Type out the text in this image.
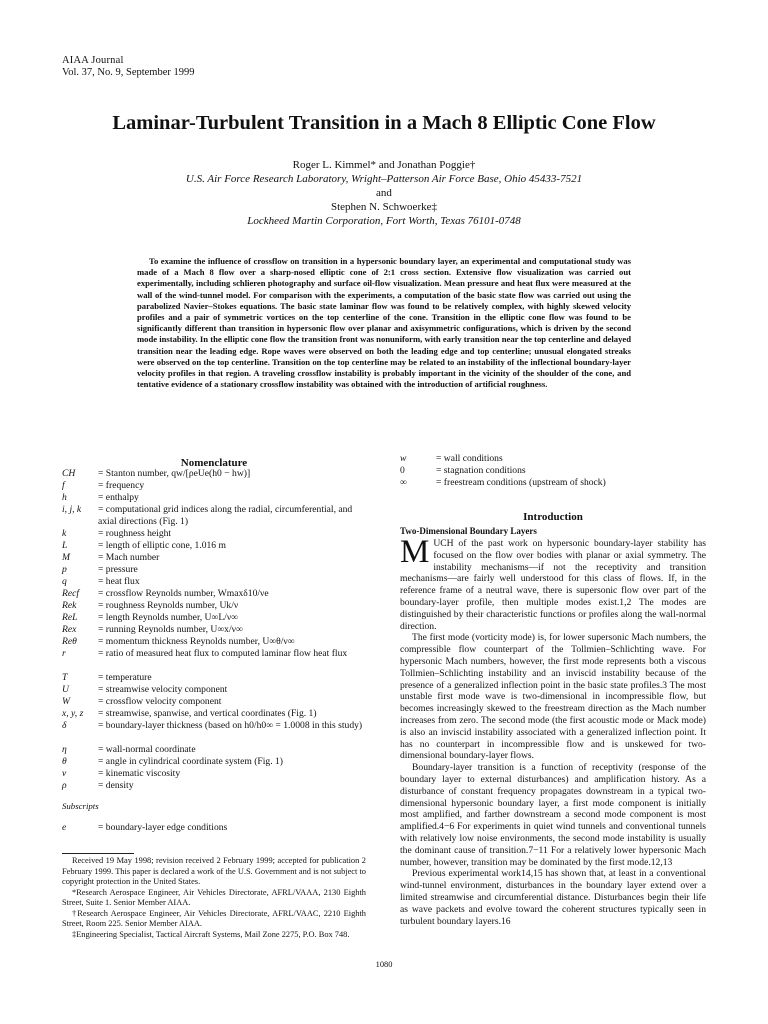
AIAA Journal
Vol. 37, No. 9, September 1999
Laminar-Turbulent Transition in a Mach 8 Elliptic Cone Flow
Roger L. Kimmel* and Jonathan Poggie†
U.S. Air Force Research Laboratory, Wright–Patterson Air Force Base, Ohio 45433-7521
and
Stephen N. Schwoerke‡
Lockheed Martin Corporation, Fort Worth, Texas 76101-0748
To examine the influence of crossflow on transition in a hypersonic boundary layer, an experimental and computational study was made of a Mach 8 flow over a sharp-nosed elliptic cone of 2:1 cross section. Extensive flow visualization was carried out experimentally, including schlieren photography and surface oil-flow visualization. Mean pressure and heat flux were measured at the wall of the wind-tunnel model. For comparison with the experiments, a computation of the basic state flow was carried out using the parabolized Navier–Stokes equations. The basic state laminar flow was found to be relatively complex, with highly skewed velocity profiles and a pair of symmetric vortices on the top centerline of the cone. Transition in the elliptic cone flow was found to be significantly different than transition in hypersonic flow over planar and axisymmetric configurations, which is driven by the second mode instability. In the elliptic cone flow the transition front was nonuniform, with early transition near the top centerline and delayed transition near the leading edge. Rope waves were observed on both the leading edge and top centerline; unusual elongated streaks were observed on the top centerline. Transition on the top centerline may be related to an instability of the inflectional boundary-layer velocity profiles in that region. A traveling crossflow instability is probably important in the vicinity of the shoulder of the cone, and tentative evidence of a stationary crossflow instability was obtained with the introduction of artificial roughness.
Nomenclature
CH = Stanton number, qw/[ρeUe(h0 − hw)]
f	= frequency
h	= enthalpy
i, j, k = computational grid indices along the radial, circumferential, and axial directions (Fig. 1)
k	= roughness height
L	= length of elliptic cone, 1.016 m
M	= Mach number
p	= pressure
q	= heat flux
Recf = crossflow Reynolds number, Wmaxδ10/νe
Rek = roughness Reynolds number, Uk/ν
ReL = length Reynolds number, U∞L/ν∞
Rex = running Reynolds number, U∞x/ν∞
Reθ = momentum thickness Reynolds number, U∞θ/ν∞
r	= ratio of measured heat flux to computed laminar flow heat flux
T	= temperature
U	= streamwise velocity component
W	= crossflow velocity component
x, y, z = streamwise, spanwise, and vertical coordinates (Fig. 1)
δ	= boundary-layer thickness (based on h0/h0∞ = 1.0008 in this study)
η	= wall-normal coordinate
θ	= angle in cylindrical coordinate system (Fig. 1)
ν	= kinematic viscosity
ρ	= density
Subscripts
e	= boundary-layer edge conditions

Received 19 May 1998; revision received 2 February 1999; accepted for publication 2 February 1999. This paper is declared a work of the U.S. Government and is not subject to copyright protection in the United States.

*Research Aerospace Engineer, Air Vehicles Directorate, AFRL/VAAA, 2130 Eighth Street, Suite 1. Senior Member AIAA.

†Research Aerospace Engineer, Air Vehicles Directorate, AFRL/VAAC, 2210 Eighth Street, Room 225. Senior Member AIAA.

‡Engineering Specialist, Tactical Aircraft Systems, Mail Zone 2275, P.O. Box 748.

w	= wall conditions
0	= stagnation conditions
∞	= freestream conditions (upstream of shock)
Introduction
Two-Dimensional Boundary Layers

MUCH of the past work on hypersonic boundary-layer stability has focused on the flow over bodies with planar or axial symmetry. The instability mechanisms—if not the receptivity and transition mechanisms—are fairly well understood for this class of flows. If, in the reference frame of a neutral wave, there is supersonic flow over part of the boundary-layer profile, then multiple modes exist.1,2 The modes are distinguished by their characteristic functions or profiles along the wall-normal direction.

The first mode (vorticity mode) is, for lower supersonic Mach numbers, the compressible flow counterpart of the Tollmien–Schlichting wave. For hypersonic Mach numbers, however, the first mode represents both a viscous Tollmien–Schlichting instability and an inviscid instability because of the presence of a generalized inflection point in the basic state profiles.3 The most unstable first mode wave is two-dimensional in incompressible flow, but becomes increasingly skewed to the freestream direction as the Mach number increases from zero. The second mode (the first acoustic mode or Mack mode) is also an inviscid instability associated with a generalized inflection point. It has no counterpart in incompressible flow and is unskewed for two-dimensional boundary-layer flows.

Boundary-layer transition is a function of receptivity (response of the boundary layer to external disturbances) and amplification history. As a disturbance of constant frequency propagates downstream in a typical two-dimensional hypersonic boundary layer, a first mode component is initially most amplified, and farther downstream a second mode component is most amplified.4−6 For experiments in quiet wind tunnels and conventional tunnels with relatively low noise environments, the second mode instability is usually the dominant cause of transition.7−11 For a relatively lower hypersonic Mach number, however, transition may be dominated by the first mode.12,13

Previous experimental work14,15 has shown that, at least in a conventional wind-tunnel environment, disturbances in the boundary layer extend over a limited streamwise and circumferential distance. Disturbances begin their life as wave packets and evolve toward the coherent structures typically seen in turbulent boundary layers.16

1080
